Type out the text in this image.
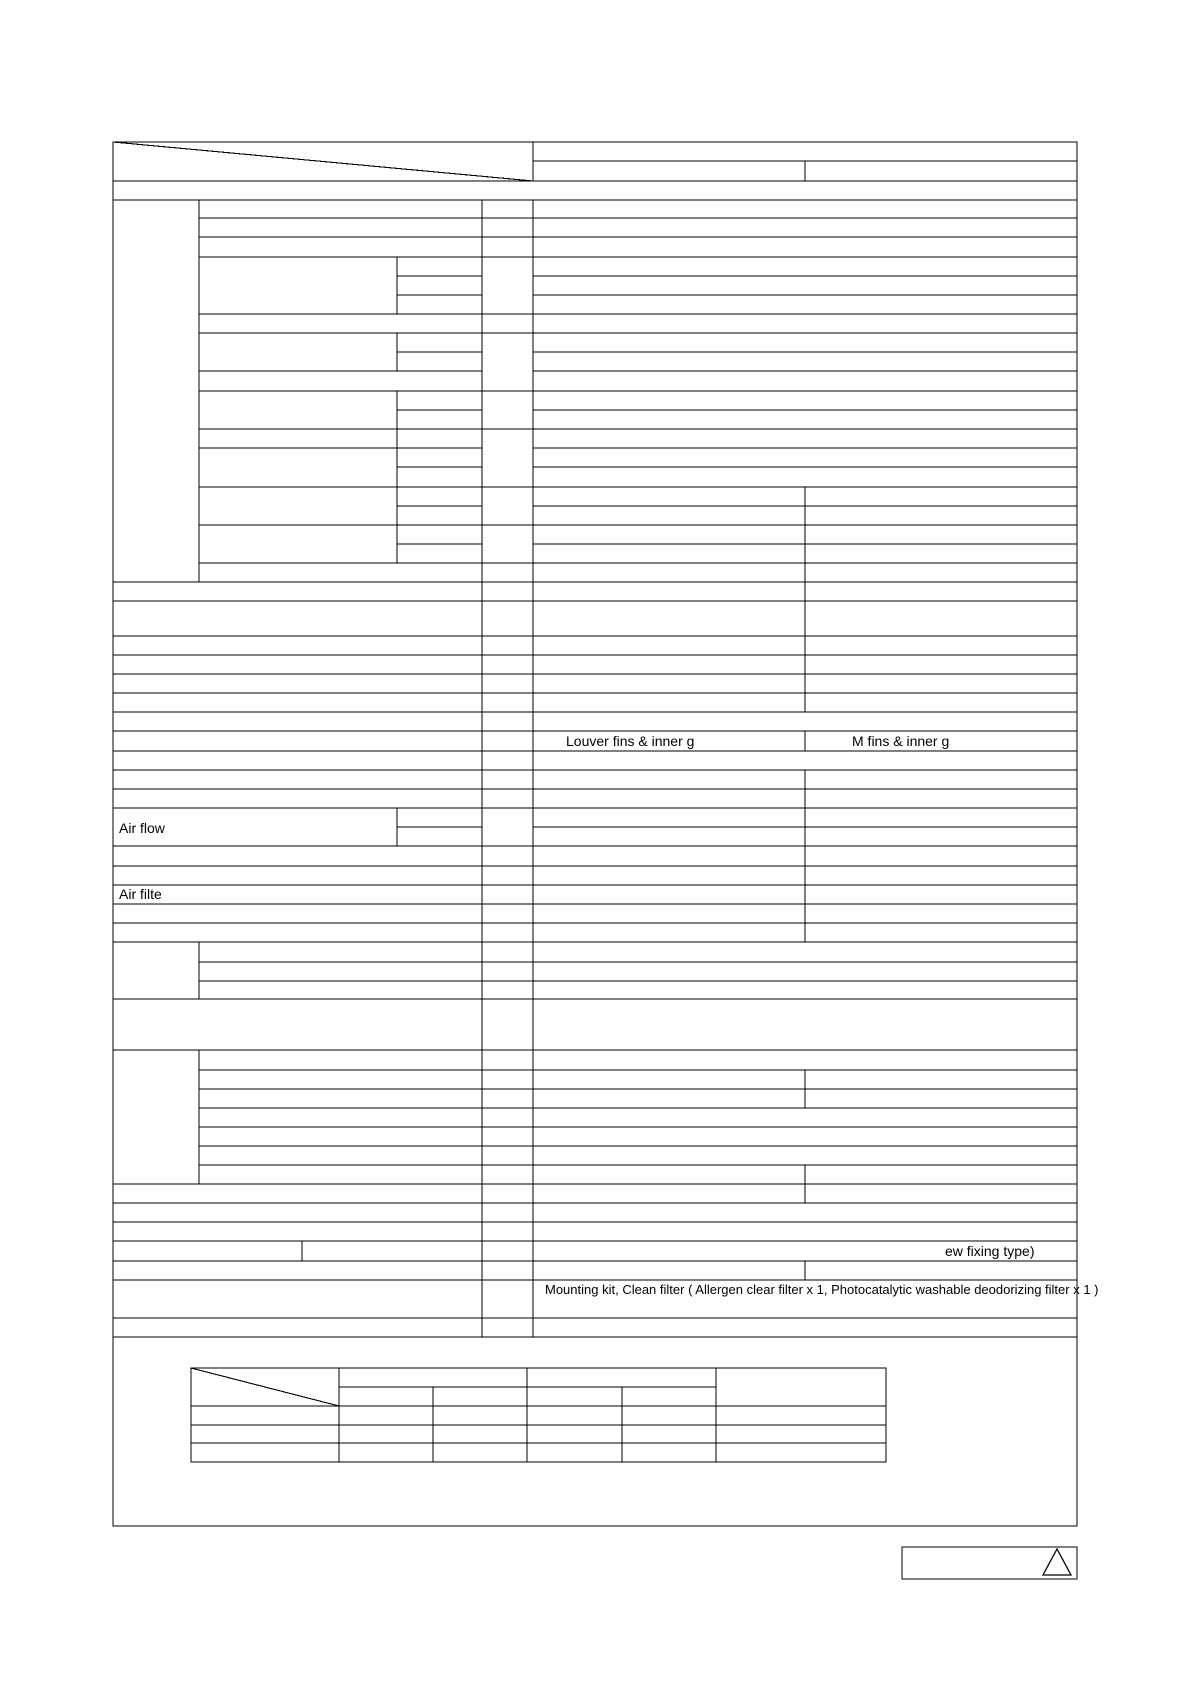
Louver fins & inner g	M fins & inner g
Air flow
Air filte
ew fixing type)
Mounting kit, Clean filter ( Allergen clear filter x 1, Photocatalytic washable deodorizing filter x 1 )
